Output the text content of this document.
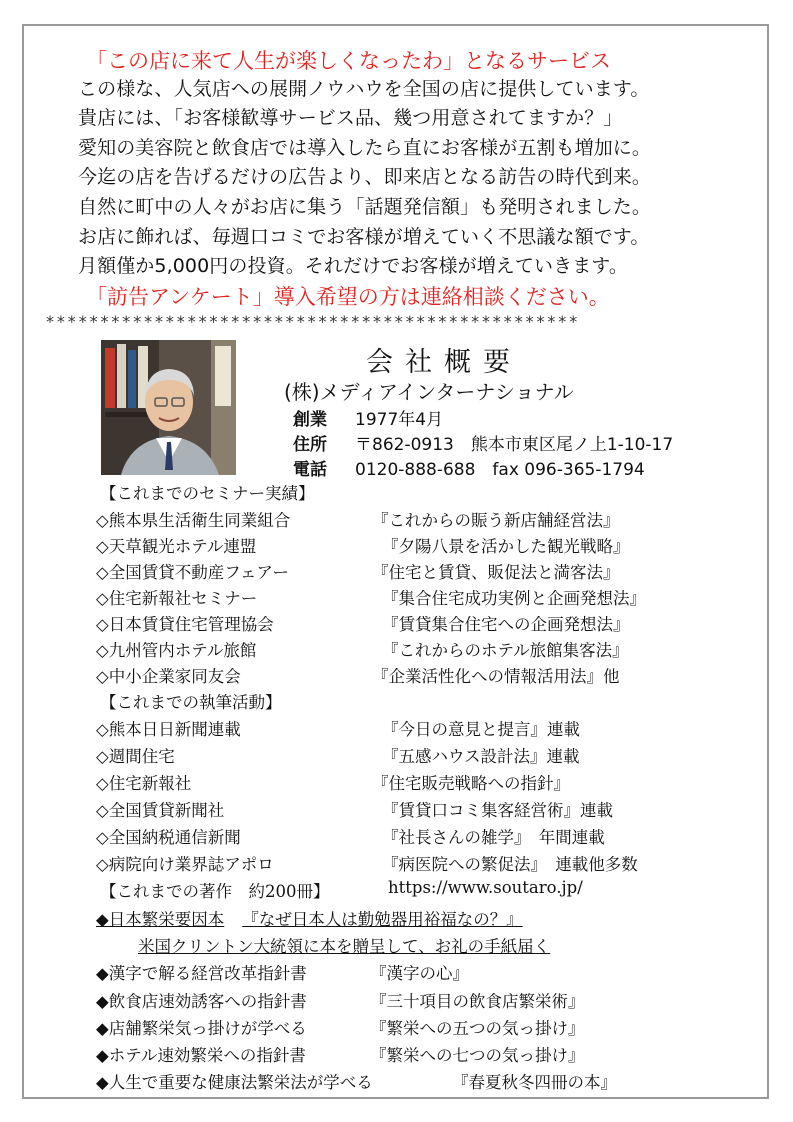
「この店に来て人生が楽しくなったわ」となるサービス
この様な、人気店への展開ノウハウを全国の店に提供しています。
貴店には、「お客様歓導サービス品、幾つ用意されてますか？」
愛知の美容院と飲食店では導入したら直にお客様が五割も増加に。
今迄の店を告げるだけの広告より、即来店となる訪告の時代到来。
自然に町中の人々がお店に集う「話題発信額」も発明されました。
お店に飾れば、毎週口コミでお客様が増えていく不思議な額です。
月額僅か5,000円の投資。それだけでお客様が増えていきます。
「訪告アンケート」導入希望の方は連絡相談ください。
*************************************************
会社概要
(株)メディアインターナショナル
創業 1977年4月
住所 〒862-0913　熊本市東区尾ノ上1-10-17
電話 0120-888-688　fax 096-365-1794
【これまでのセミナー実績】
◇熊本県生活衛生同業組合	『これからの賑う新店舗経営法』
◇天草観光ホテル連盟	『夕陽八景を活かした観光戦略』
◇全国賃貸不動産フェアー	『住宅と賃貸、販促法と満客法』
◇住宅新報社セミナー	『集合住宅成功実例と企画発想法』
◇日本賃貸住宅管理協会	『賃貸集合住宅への企画発想法』
◇九州管内ホテル旅館	『これからのホテル旅館集客法』
◇中小企業家同友会	『企業活性化への情報活用法』他
【これまでの執筆活動】
◇熊本日日新聞連載	『今日の意見と提言』連載
◇週間住宅	『五感ハウス設計法』連載
◇住宅新報社	『住宅販売戦略への指針』
◇全国賃貸新聞社	『賃貸口コミ集客経営術』連載
◇全国納税通信新聞	『社長さんの雑学』　年間連載
◇病院向け業界誌アポロ	『病医院への繁促法』　連載他多数
【これまでの著作　約200冊】	https://www.soutaro.jp/
◆日本繁栄要因本 『なぜ日本人は勤勉器用裕福なの？』
米国クリントン大統領に本を贈呈して、お礼の手紙届く
◆漢字で解る経営改革指針書	『漢字の心』
◆飲食店速効誘客への指針書	『三十項目の飲食店繁栄術』
◆店舗繁栄気っ掛けが学べる	『繁栄への五つの気っ掛け』
◆ホテル速効繁栄への指針書	『繁栄への七つの気っ掛け』
◆人生で重要な健康法繁栄法が学べる	『春夏秋冬四冊の本』
